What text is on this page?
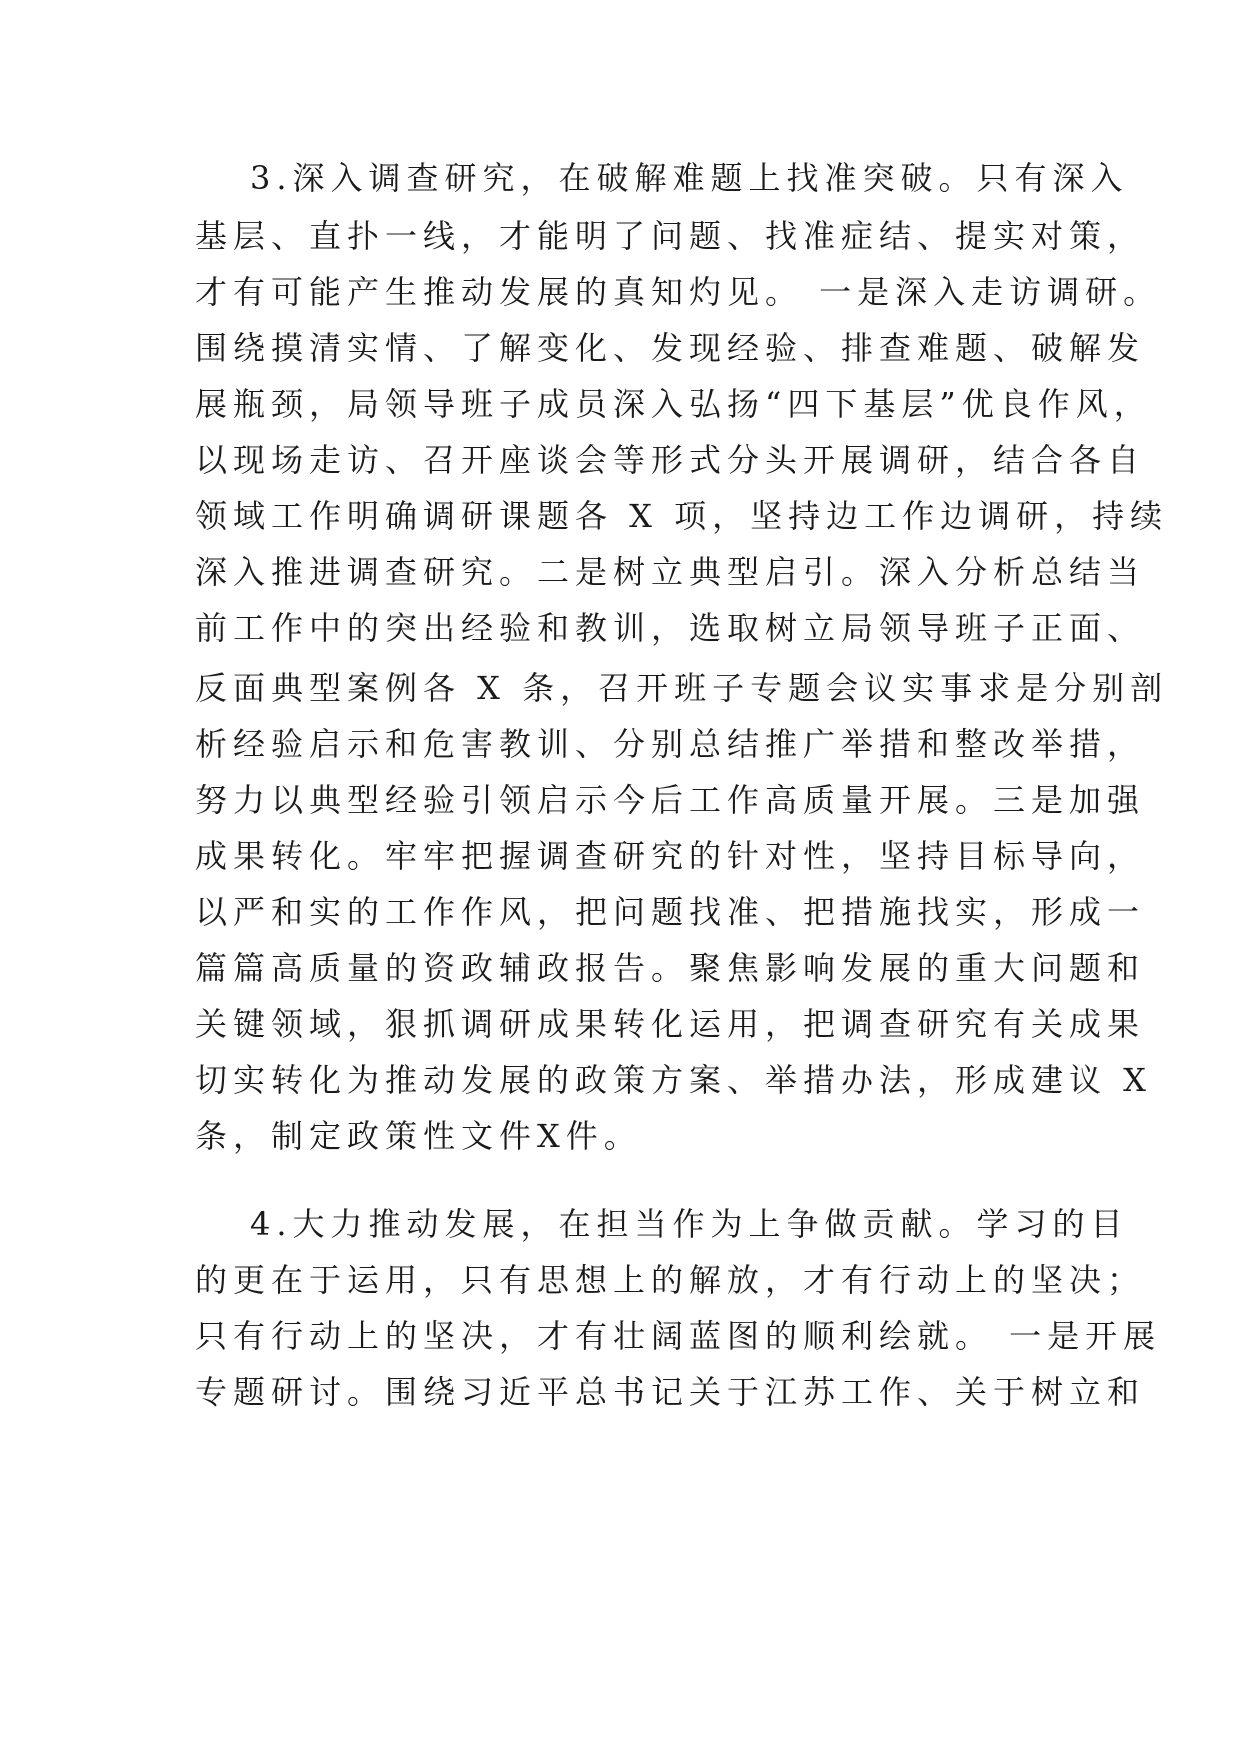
3.深入调查研究，在破解难题上找准突破。只有深入
基层、直扑一线，才能明了问题、找准症结、提实对策，
才有可能产生推动发展的真知灼见。 一是深入走访调研。
围绕摸清实情、了解变化、发现经验、排查难题、破解发
展瓶颈，局领导班子成员深入弘扬“四下基层”优良作风，
以现场走访、召开座谈会等形式分头开展调研，结合各自
领域工作明确调研课题各 X 项，坚持边工作边调研，持续
深入推进调查研究。二是树立典型启引。深入分析总结当
前工作中的突出经验和教训，选取树立局领导班子正面、
反面典型案例各 X 条，召开班子专题会议实事求是分别剖
析经验启示和危害教训、分别总结推广举措和整改举措，
努力以典型经验引领启示今后工作高质量开展。三是加强
成果转化。牢牢把握调查研究的针对性，坚持目标导向，
以严和实的工作作风，把问题找准、把措施找实，形成一
篇篇高质量的资政辅政报告。聚焦影响发展的重大问题和
关键领域，狠抓调研成果转化运用，把调查研究有关成果
切实转化为推动发展的政策方案、举措办法，形成建议 X
条，制定政策性文件X件。
4.大力推动发展，在担当作为上争做贡献。学习的目
的更在于运用，只有思想上的解放，才有行动上的坚决；
只有行动上的坚决，才有壮阔蓝图的顺利绘就。 一是开展
专题研讨。围绕习近平总书记关于江苏工作、关于树立和
